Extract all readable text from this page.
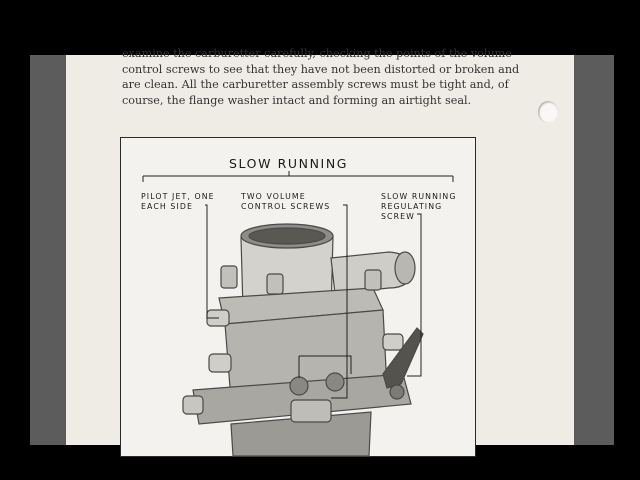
examine the carburetter carefully, checking the points of the volume
control screws to see that they have not been distorted or broken and
are clean. All the carburetter assembly screws must be tight and, of
course, the flange washer intact and forming an airtight seal.
SLOW RUNNING
PILOT JET, ONE
EACH SIDE
TWO VOLUME
CONTROL SCREWS
SLOW RUNNING
REGULATING
SCREW
